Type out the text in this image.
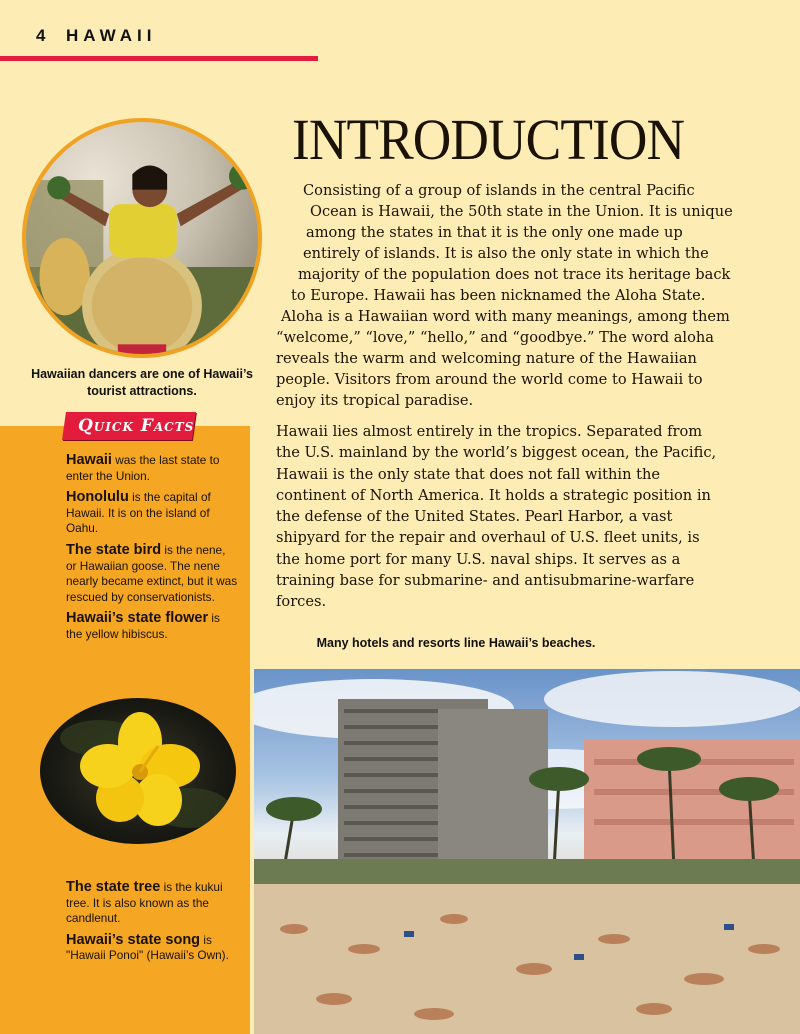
4 HAWAII
Hawaiian dancers are one of Hawaii’s tourist attractions.
INTRODUCTION
Consisting of a group of islands in the central Pacific
Ocean is Hawaii, the 50th state in the Union. It is unique
among the states in that it is the only one made up
entirely of islands. It is also the only state in which the
majority of the population does not trace its heritage back
to Europe. Hawaii has been nicknamed the Aloha State.
Aloha is a Hawaiian word with many meanings, among them
“welcome,” “love,” “hello,” and “goodbye.” The word aloha
reveals the warm and welcoming nature of the Hawaiian
people. Visitors from around the world come to Hawaii to
enjoy its tropical paradise.

Hawaii lies almost entirely in the tropics. Separated from the U.S. mainland by the world’s biggest ocean, the Pacific, Hawaii is the only state that does not fall within the continent of North America. It holds a strategic position in the defense of the United States. Pearl Harbor, a vast shipyard for the repair and overhaul of U.S. fleet units, is the home port for many U.S. naval ships. It serves as a training base for submarine- and antisubmarine-warfare forces.

Quick Facts

Hawaii was the last state to enter the Union.

Honolulu is the capital of Hawaii. It is on the island of Oahu.

The state bird is the nene, or Hawaiian goose. The nene nearly became extinct, but it was rescued by conservationists.

Hawaii’s state flower is the yellow hibiscus.

The state tree is the kukui tree. It is also known as the candlenut.

Hawaii’s state song is "Hawaii Ponoi" (Hawaii’s Own).

Many hotels and resorts line Hawaii’s beaches.
